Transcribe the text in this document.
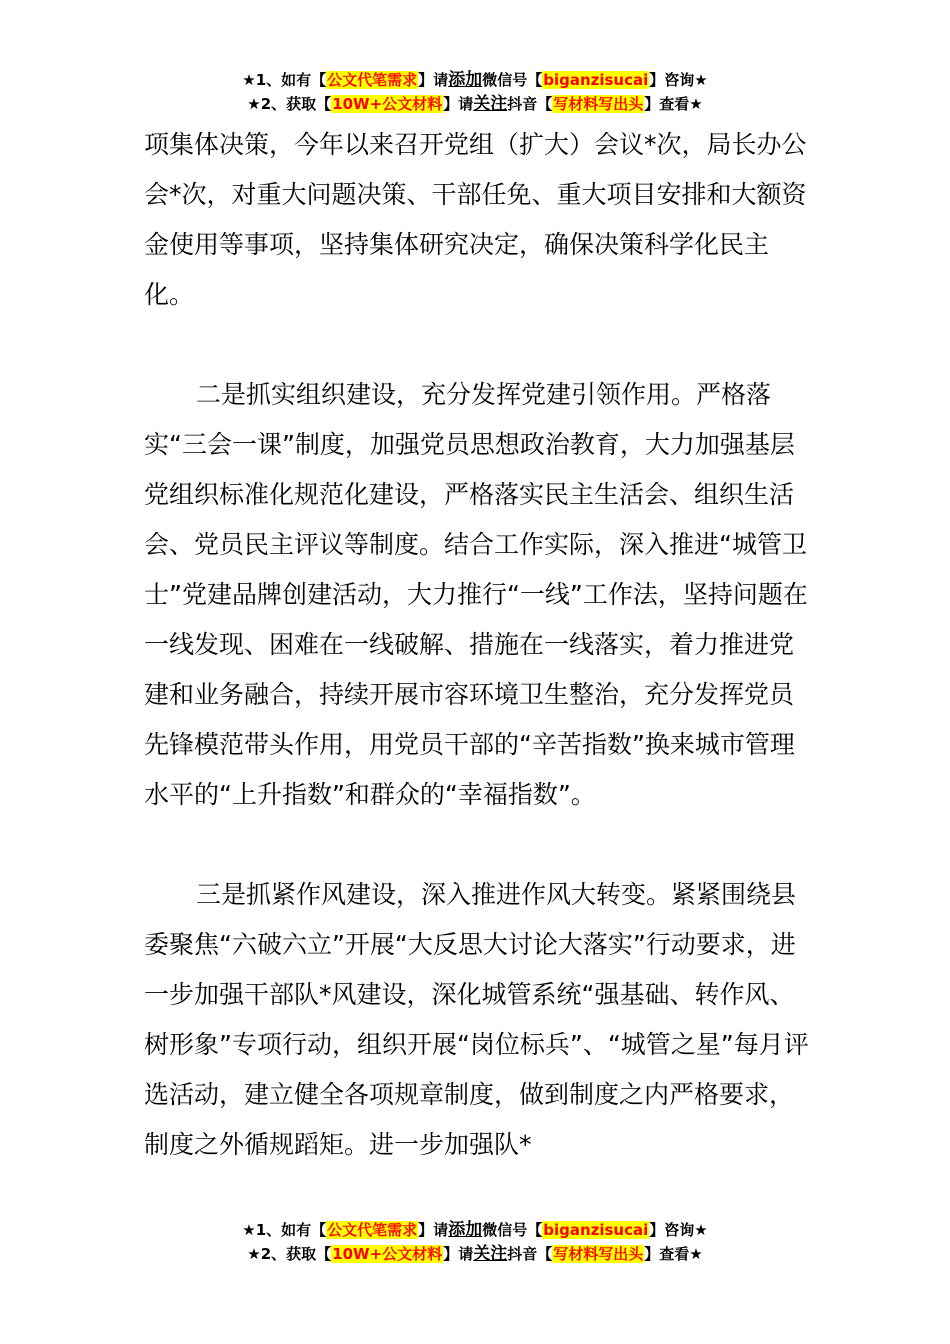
★1、如有【公文代笔需求】请添加微信号【biganzisucai】咨询★
★2、获取【10W+公文材料】请关注抖音【写材料写出头】查看★

项集体决策，今年以来召开党组（扩大）会议*次，局长办公会*次，对重大问题决策、干部任免、重大项目安排和大额资金使用等事项，坚持集体研究决定，确保决策科学化民主化。

二是抓实组织建设，充分发挥党建引领作用。严格落实“三会一课”制度，加强党员思想政治教育，大力加强基层党组织标准化规范化建设，严格落实民主生活会、组织生活会、党员民主评议等制度。结合工作实际，深入推进“城管卫士”党建品牌创建活动，大力推行“一线”工作法，坚持问题在一线发现、困难在一线破解、措施在一线落实，着力推进党建和业务融合，持续开展市容环境卫生整治，充分发挥党员先锋模范带头作用，用党员干部的“辛苦指数”换来城市管理水平的“上升指数”和群众的“幸福指数”。

三是抓紧作风建设，深入推进作风大转变。紧紧围绕县委聚焦“六破六立”开展“大反思大讨论大落实”行动要求，进一步加强干部队*风建设，深化城管系统“强基础、转作风、树形象”专项行动，组织开展“岗位标兵”、“城管之星”每月评选活动，建立健全各项规章制度，做到制度之内严格要求，制度之外循规蹈矩。进一步加强队*

★1、如有【公文代笔需求】请添加微信号【biganzisucai】咨询★
★2、获取【10W+公文材料】请关注抖音【写材料写出头】查看★
